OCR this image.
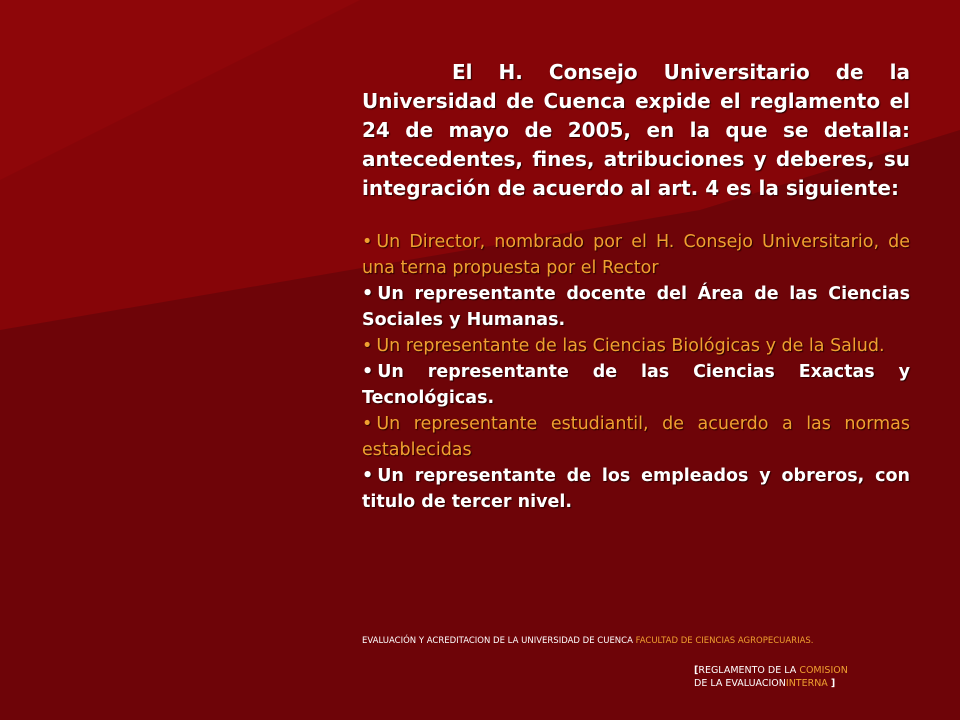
El H. Consejo Universitario de la Universidad de Cuenca expide el reglamento el 24 de mayo de 2005, en la que se detalla: antecedentes, fines, atribuciones y deberes, su integración de acuerdo al art. 4 es la siguiente:

• Un Director, nombrado por el H. Consejo Universitario, de una terna propuesta por el Rector
• Un representante docente del Área de las Ciencias Sociales y Humanas.
• Un representante de las Ciencias Biológicas y de la Salud.
• Un representante de las Ciencias Exactas y Tecnológicas.
• Un representante estudiantil, de acuerdo a las normas establecidas
• Un representante de los empleados y obreros, con titulo de tercer nivel.
EVALUACIÓN Y ACREDITACION DE LA UNIVERSIDAD DE CUENCA FACULTAD DE CIENCIAS AGROPECUARIAS.
[REGLAMENTO DE LA COMISION
DE LA EVALUACIONINTERNA ]
